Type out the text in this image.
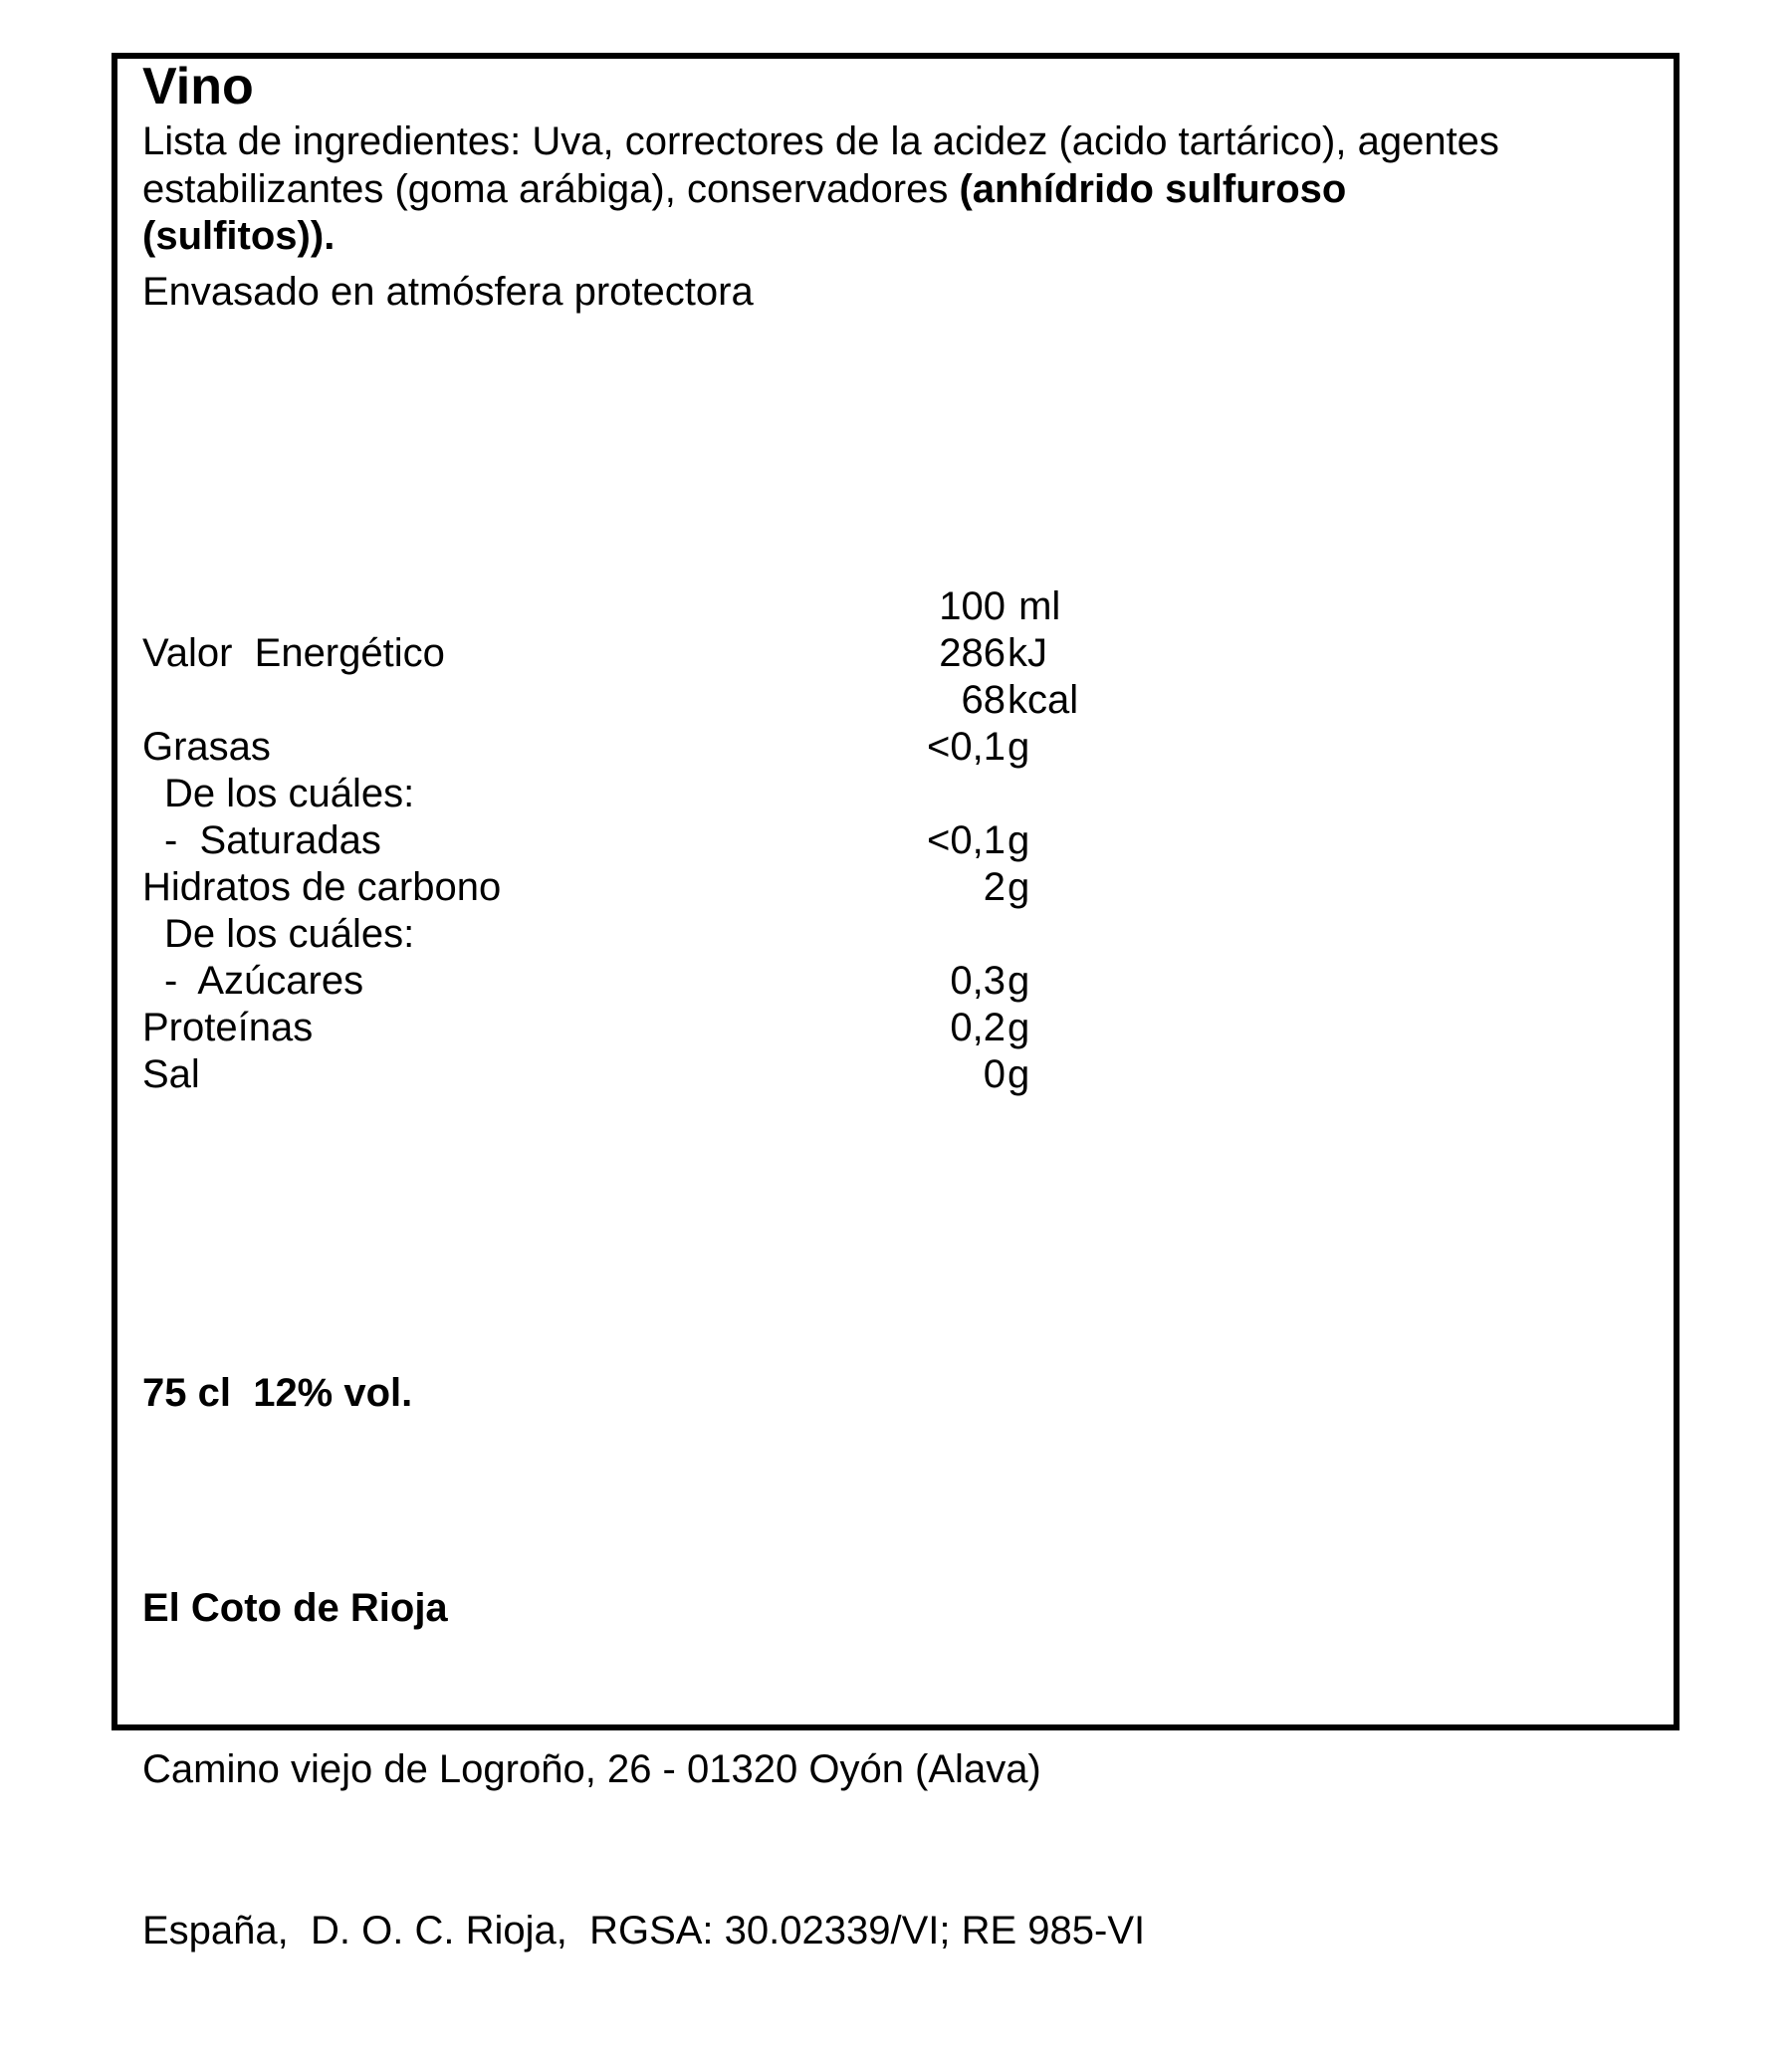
Vino
Lista de ingredientes: Uva, correctores de la acidez (acido tartárico), agentes
estabilizantes (goma arábiga), conservadores (anhídrido sulfuroso
(sulfitos)).
Envasado en atmósfera protectora
100 ml
Valor  Energético	286 kJ
68 kcal
Grasas	<0,1 g
De los cuáles:
-  Saturadas	<0,1 g
Hidratos de carbono	2 g
De los cuáles:
-  Azúcares	0,3 g
Proteínas	0,2 g
Sal	0 g
75 cl  12% vol.

El Coto de Rioja

Camino viejo de Logroño, 26 - 01320 Oyón (Alava)

España,  D. O. C. Rioja,  RGSA: 30.02339/VI; RE 985-VI
